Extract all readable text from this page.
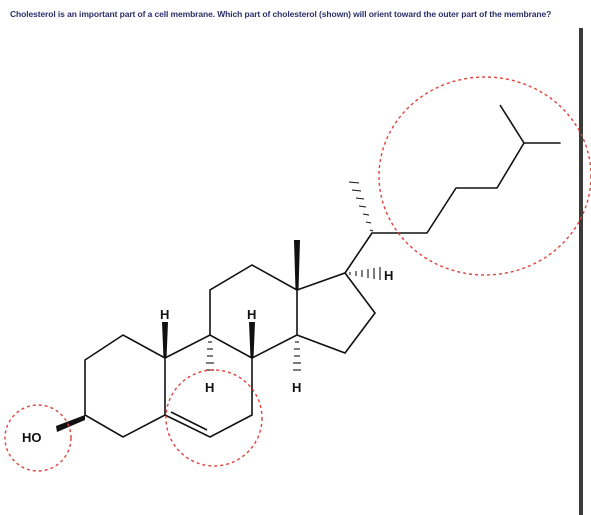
Cholesterol is an important part of a cell membrane. Which part of cholesterol (shown) will orient toward the outer part of the membrane?
HO
H	H
H	H
H
